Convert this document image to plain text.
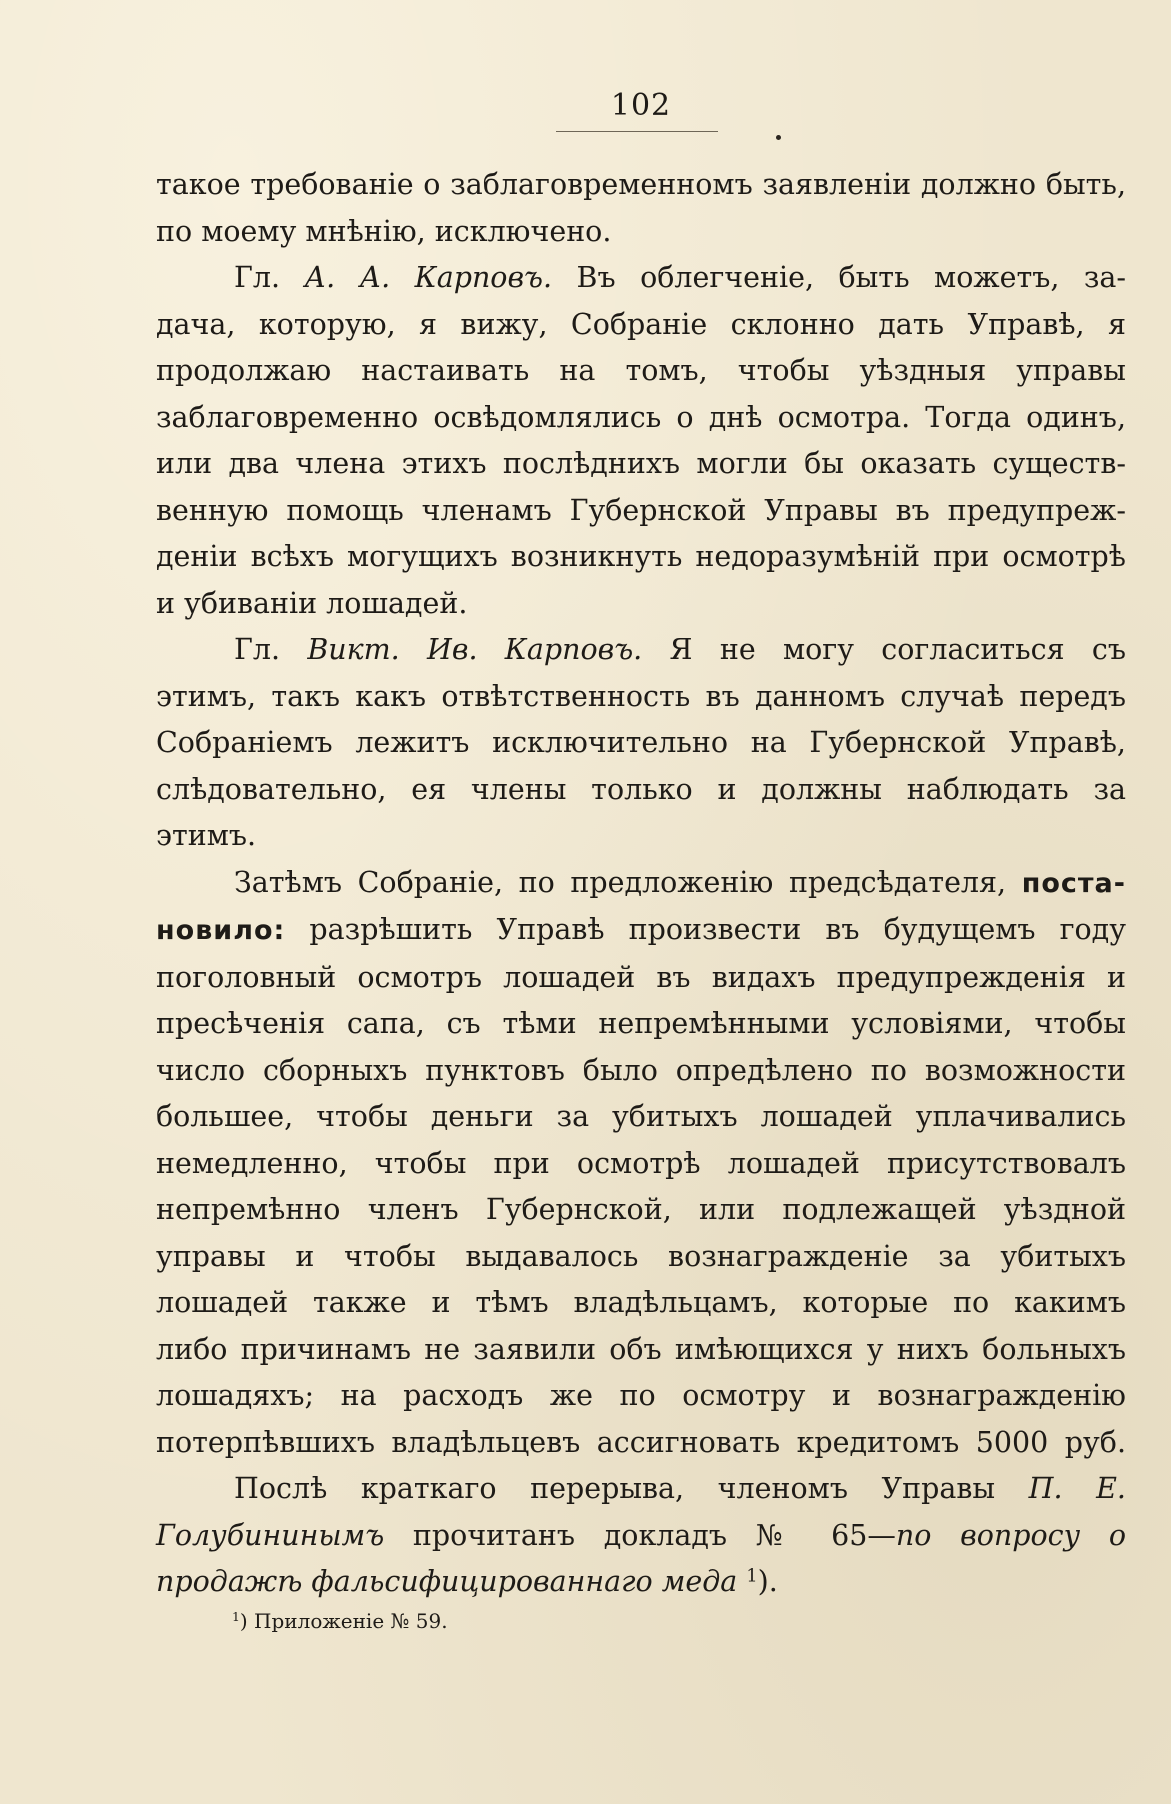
102
такое требованіе о заблаговременномъ заявленіи должно быть,
по моему мнѣнію, исключено.
Гл. А. А. Карповъ. Въ облегченіе, быть можетъ, за-
дача, которую, я вижу, Собраніе склонно дать Управѣ, я
продолжаю настаивать на томъ, чтобы уѣздныя управы
заблаговременно освѣдомлялись о днѣ осмотра. Тогда одинъ,
или два члена этихъ послѣднихъ могли бы оказать существ-
венную помощь членамъ Губернской Управы въ предупреж-
деніи всѣхъ могущихъ возникнуть недоразумѣній при осмотрѣ
и убиваніи лошадей.
Гл. Викт. Ив. Карповъ. Я не могу согласиться съ
этимъ, такъ какъ отвѣтственность въ данномъ случаѣ передъ
Собраніемъ лежитъ исключительно на Губернской Управѣ,
слѣдовательно, ея члены только и должны наблюдать за
этимъ.
Затѣмъ Собраніе, по предложенію предсѣдателя, поста-
новило: разрѣшить Управѣ произвести въ будущемъ году
поголовный осмотръ лошадей въ видахъ предупрежденія и
пресѣченія сапа, съ тѣми непремѣнными условіями, чтобы
число сборныхъ пунктовъ было опредѣлено по возможности
большее, чтобы деньги за убитыхъ лошадей уплачивались
немедленно, чтобы при осмотрѣ лошадей присутствовалъ
непремѣнно членъ Губернской, или подлежащей уѣздной
управы и чтобы выдавалось вознагражденіе за убитыхъ
лошадей также и тѣмъ владѣльцамъ, которые по какимъ
либо причинамъ не заявили объ имѣющихся у нихъ больныхъ
лошадяхъ; на расходъ же по осмотру и вознагражденію
потерпѣвшихъ владѣльцевъ ассигновать кредитомъ 5000 руб.
Послѣ краткаго перерыва, членомъ Управы П. Е.
Голубининымъ прочитанъ докладъ № 65—по вопросу о
продажѣ фальсифицированнаго меда $^1$).
$^1$) Приложеніе № 59.
